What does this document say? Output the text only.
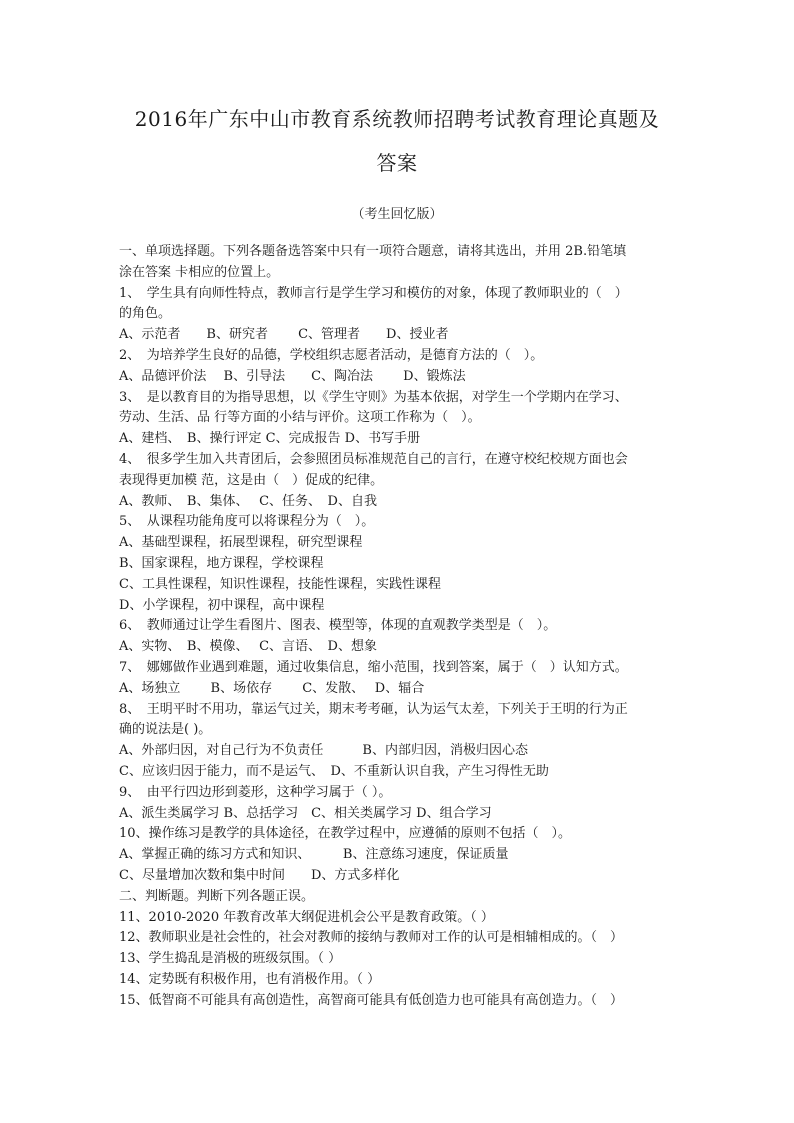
2016年广东中山市教育系统教师招聘考试教育理论真题及
答案
（考生回忆版）
一、单项选择题。下列各题备选答案中只有一项符合题意，请将其选出，并用 2B.铅笔填
涂在答案 卡相应的位置上。
1、　学生具有向师性特点，教师言行是学生学习和模仿的对象，体现了教师职业的（　）
的角色。
A、示范者　　B、研究者　　 C、管理者　　D、授业者
2、　为培养学生良好的品德，学校组织志愿者活动，是德育方法的（　）。
A、品德评价法　 B、引导法　　C、陶冶法　　 D、锻炼法
3、　是以教育目的为指导思想，以《学生守则》为基本依据，对学生一个学期内在学习、
劳动、生活、品 行等方面的小结与评价。这项工作称为（　）。
A、建档、　B、操行评定 C、完成报告 D、书写手册
4、　很多学生加入共青团后，会参照团员标准规范自己的言行，在遵守校纪校规方面也会
表现得更加模 范，这是由（　）促成的纪律。
A、教师、　B、集体、　 C、任务、　D、自我
5、　从课程功能角度可以将课程分为（　）。
A、基础型课程，拓展型课程，研究型课程
B、国家课程，地方课程，学校课程
C、工具性课程，知识性课程，技能性课程，实践性课程
D、小学课程，初中课程，高中课程
6、　教师通过让学生看图片、图表、模型等，体现的直观教学类型是（　）。
A、实物、　B、模像、　 C、言语、　D、想象
7、　娜娜做作业遇到难题，通过收集信息，缩小范围，找到答案，属于（　）认知方式。
A、场独立　　 B、场依存　　 C、发散、　 D、辐合
8、　王明平时不用功，靠运气过关，期末考考砸，认为运气太差，下列关于王明的行为正
确的说法是( )。
A、外部归因，对自己行为不负责任　　　B、内部归因，消极归因心态
C、应该归因于能力，而不是运气、　D、不重新认识自我，产生习得性无助
9、　由平行四边形到菱形，这种学习属于（ ）。
A、派生类属学习 B、总括学习　C、相关类属学习 D、组合学习
10、操作练习是教学的具体途径，在教学过程中，应遵循的原则不包括（　）。
A、掌握正确的练习方式和知识、　　　B、注意练习速度，保证质量
C、尽量增加次数和集中时间　　D、方式多样化
二、判断题。判断下列各题正误。
11、2010-2020 年教育改革大纲促进机会公平是教育政策。（ ）
12、教师职业是社会性的，社会对教师的接纳与教师对工作的认可是相辅相成的。（　）
13、学生捣乱是消极的班级氛围。（ ）
14、定势既有积极作用，也有消极作用。（ ）
15、低智商不可能具有高创造性，高智商可能具有低创造力也可能具有高创造力。（　）
